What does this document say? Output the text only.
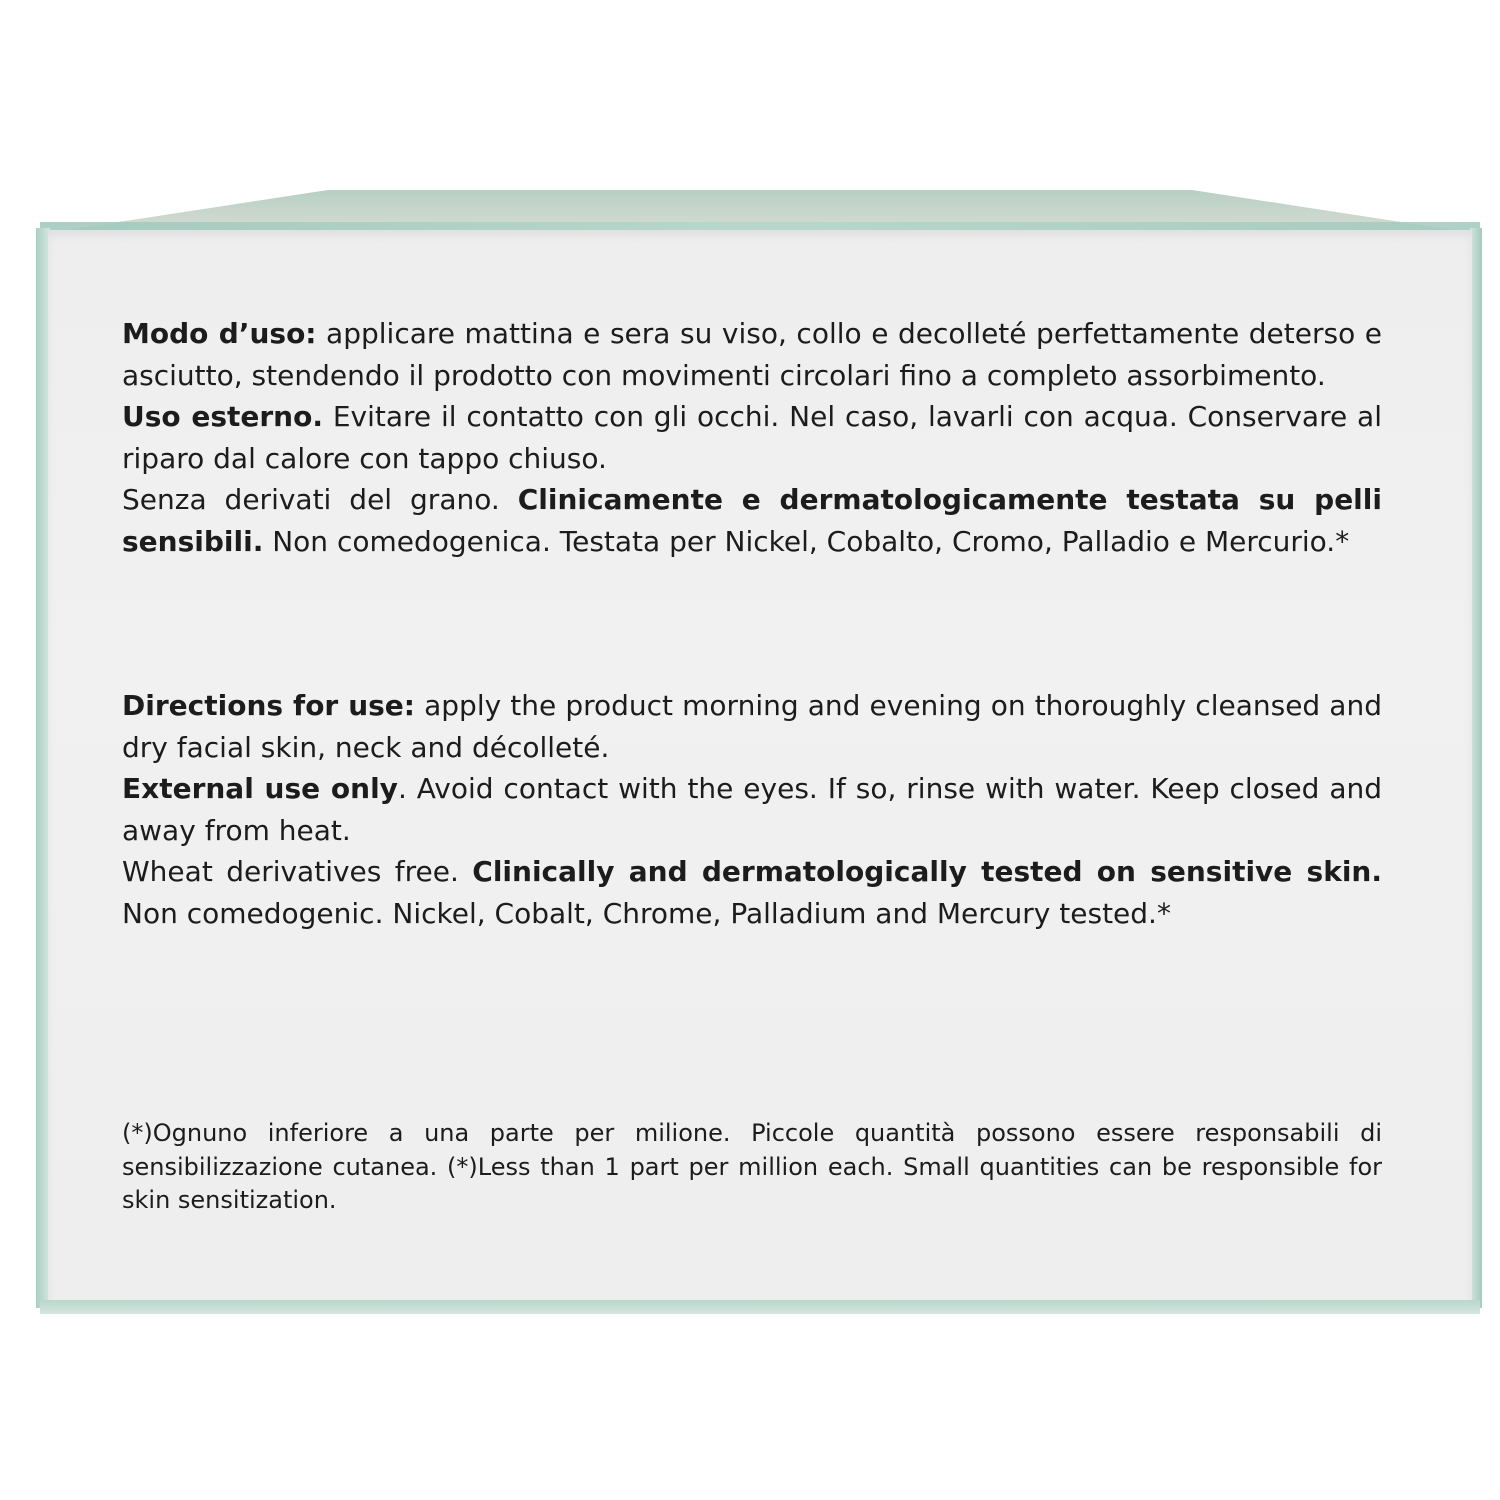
Modo d’uso: applicare mattina e sera su viso, collo e decolleté perfettamente deterso e asciutto, stendendo il prodotto con movimenti circolari fino a completo assorbimento.

Uso esterno. Evitare il contatto con gli occhi. Nel caso, lavarli con acqua. Conservare al riparo dal calore con tappo chiuso.

Senza derivati del grano. Clinicamente e dermatologicamente testata su pelli sensibili. Non comedogenica. Testata per Nickel, Cobalto, Cromo, Palladio e Mercurio.*

Directions for use: apply the product morning and evening on thoroughly cleansed and dry facial skin, neck and décolleté.

External use only. Avoid contact with the eyes. If so, rinse with water. Keep closed and away from heat.

Wheat derivatives free. Clinically and dermatologically tested on sensitive skin. Non comedogenic. Nickel, Cobalt, Chrome, Palladium and Mercury tested.*

(*)Ognuno inferiore a una parte per milione. Piccole quantità possono essere responsabili di sensibilizzazione cutanea. (*)Less than 1 part per million each. Small quantities can be responsible for skin sensitization.
